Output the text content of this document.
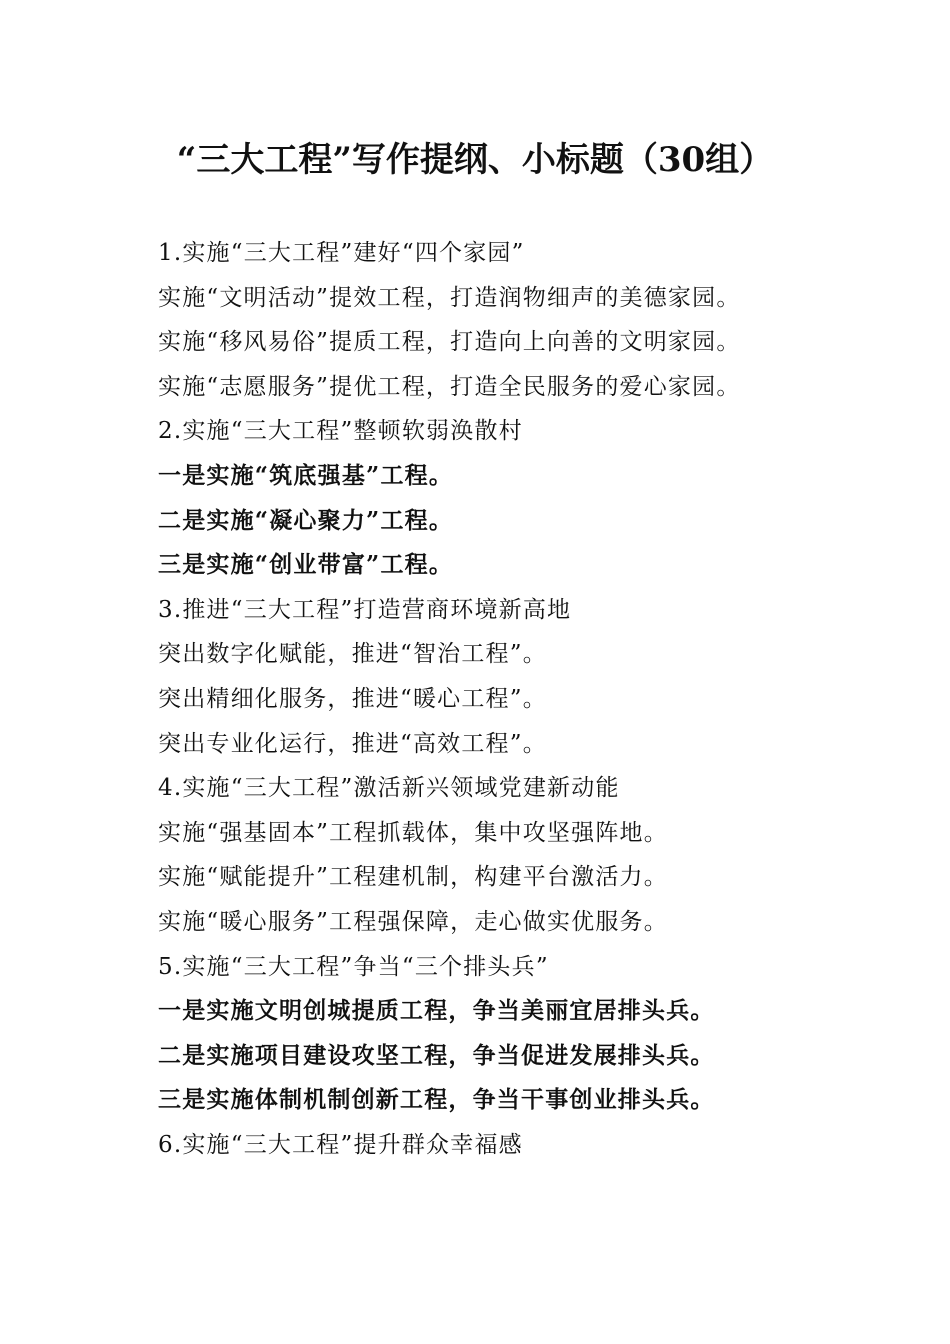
“三大工程”写作提纲、小标题（30组）
1.实施“三大工程”建好“四个家园”
实施“文明活动”提效工程，打造润物细声的美德家园。
实施“移风易俗”提质工程，打造向上向善的文明家园。
实施“志愿服务”提优工程，打造全民服务的爱心家园。
2.实施“三大工程”整顿软弱涣散村
一是实施“筑底强基”工程。
二是实施“凝心聚力”工程。
三是实施“创业带富”工程。
3.推进“三大工程”打造营商环境新高地
突出数字化赋能，推进“智治工程”。
突出精细化服务，推进“暖心工程”。
突出专业化运行，推进“高效工程”。
4.实施“三大工程”激活新兴领域党建新动能
实施“强基固本”工程抓载体，集中攻坚强阵地。
实施“赋能提升”工程建机制，构建平台激活力。
实施“暖心服务”工程强保障，走心做实优服务。
5.实施“三大工程”争当“三个排头兵”
一是实施文明创城提质工程，争当美丽宜居排头兵。
二是实施项目建设攻坚工程，争当促进发展排头兵。
三是实施体制机制创新工程，争当干事创业排头兵。
6.实施“三大工程”提升群众幸福感
